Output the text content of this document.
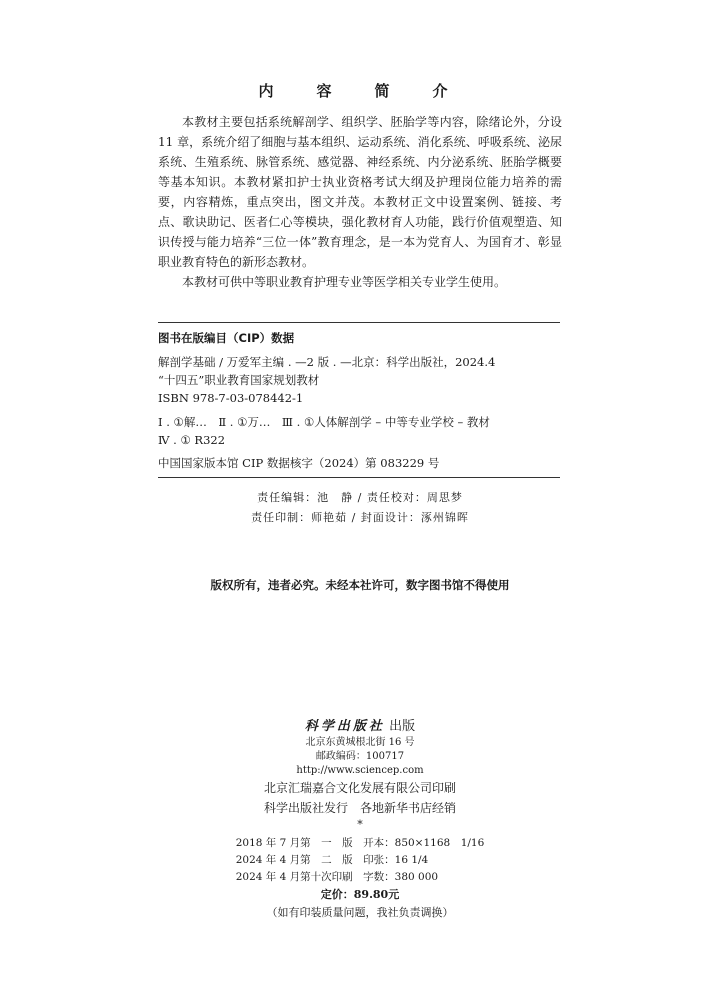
内　容　简　介

本教材主要包括系统解剖学、组织学、胚胎学等内容，除绪论外，分设 11 章，系统介绍了细胞与基本组织、运动系统、消化系统、呼吸系统、泌尿系统、生殖系统、脉管系统、感觉器、神经系统、内分泌系统、胚胎学概要等基本知识。本教材紧扣护士执业资格考试大纲及护理岗位能力培养的需要，内容精炼，重点突出，图文并茂。本教材正文中设置案例、链接、考点、歌诀助记、医者仁心等模块，强化教材育人功能，践行价值观塑造、知识传授与能力培养“三位一体”教育理念，是一本为党育人、为国育才、彰显职业教育特色的新形态教材。

本教材可供中等职业教育护理专业等医学相关专业学生使用。

图书在版编目（CIP）数据
解剖学基础 / 万爱军主编 . —2 版 . —北京：科学出版社，2024.4
“十四五”职业教育国家规划教材
ISBN 978-7-03-078442-1
Ⅰ . ①解…　Ⅱ . ①万…　Ⅲ . ①人体解剖学 – 中等专业学校 – 教材
Ⅳ . ① R322
中国国家版本馆 CIP 数据核字（2024）第 083229 号
责任编辑：池　静 / 责任校对：周思梦
责任印制：师艳茹 / 封面设计：涿州锦晖
版权所有，违者必究。未经本社许可，数字图书馆不得使用
科学出版社 出版
北京东黄城根北街 16 号
邮政编码：100717
http://www.sciencep.com
北京汇瑞嘉合文化发展有限公司印刷
科学出版社发行　各地新华书店经销
*
2018 年 7 月第　一　版　开本：850×1168　1/16
2024 年 4 月第　二　版　印张：16 1/4
2024 年 4 月第十次印刷　字数：380 000
定价：89.80元
（如有印装质量问题，我社负责调换）
